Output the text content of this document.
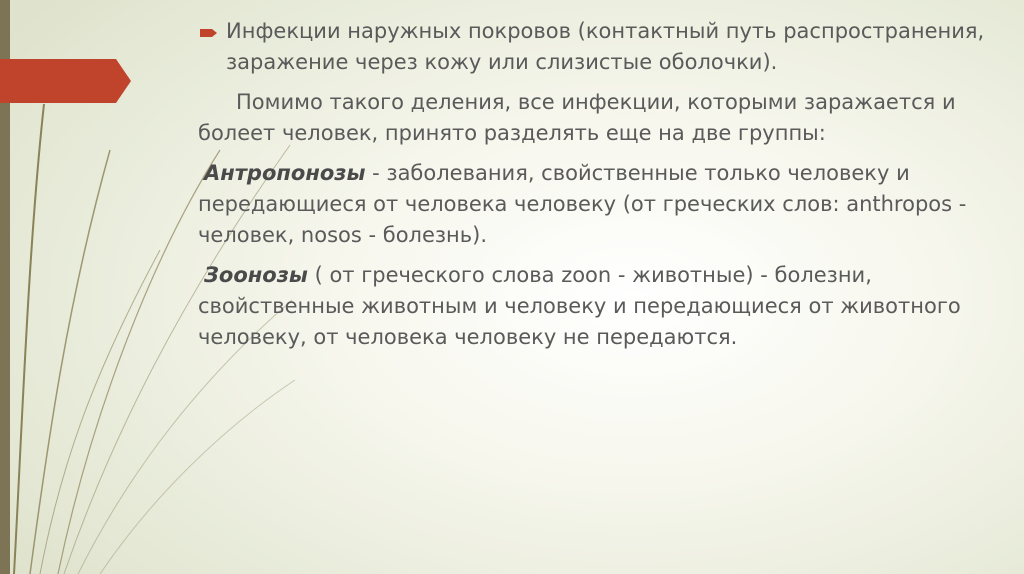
Инфекции наружных покровов (контактный путь распространения, заражение через кожу или слизистые оболочки).
Помимо такого деления, все инфекции, которыми заражается и болеет человек, принято разделять еще на две группы:
Антропонозы - заболевания, свойственные только человеку и передающиеся от человека человеку (от греческих слов: anthropos - человек, nosos - болезнь).
Зоонозы ( от греческого слова zoon - животные) - болезни, свойственные животным и человеку и передающиеся от животного человеку, от человека человеку не передаются.
